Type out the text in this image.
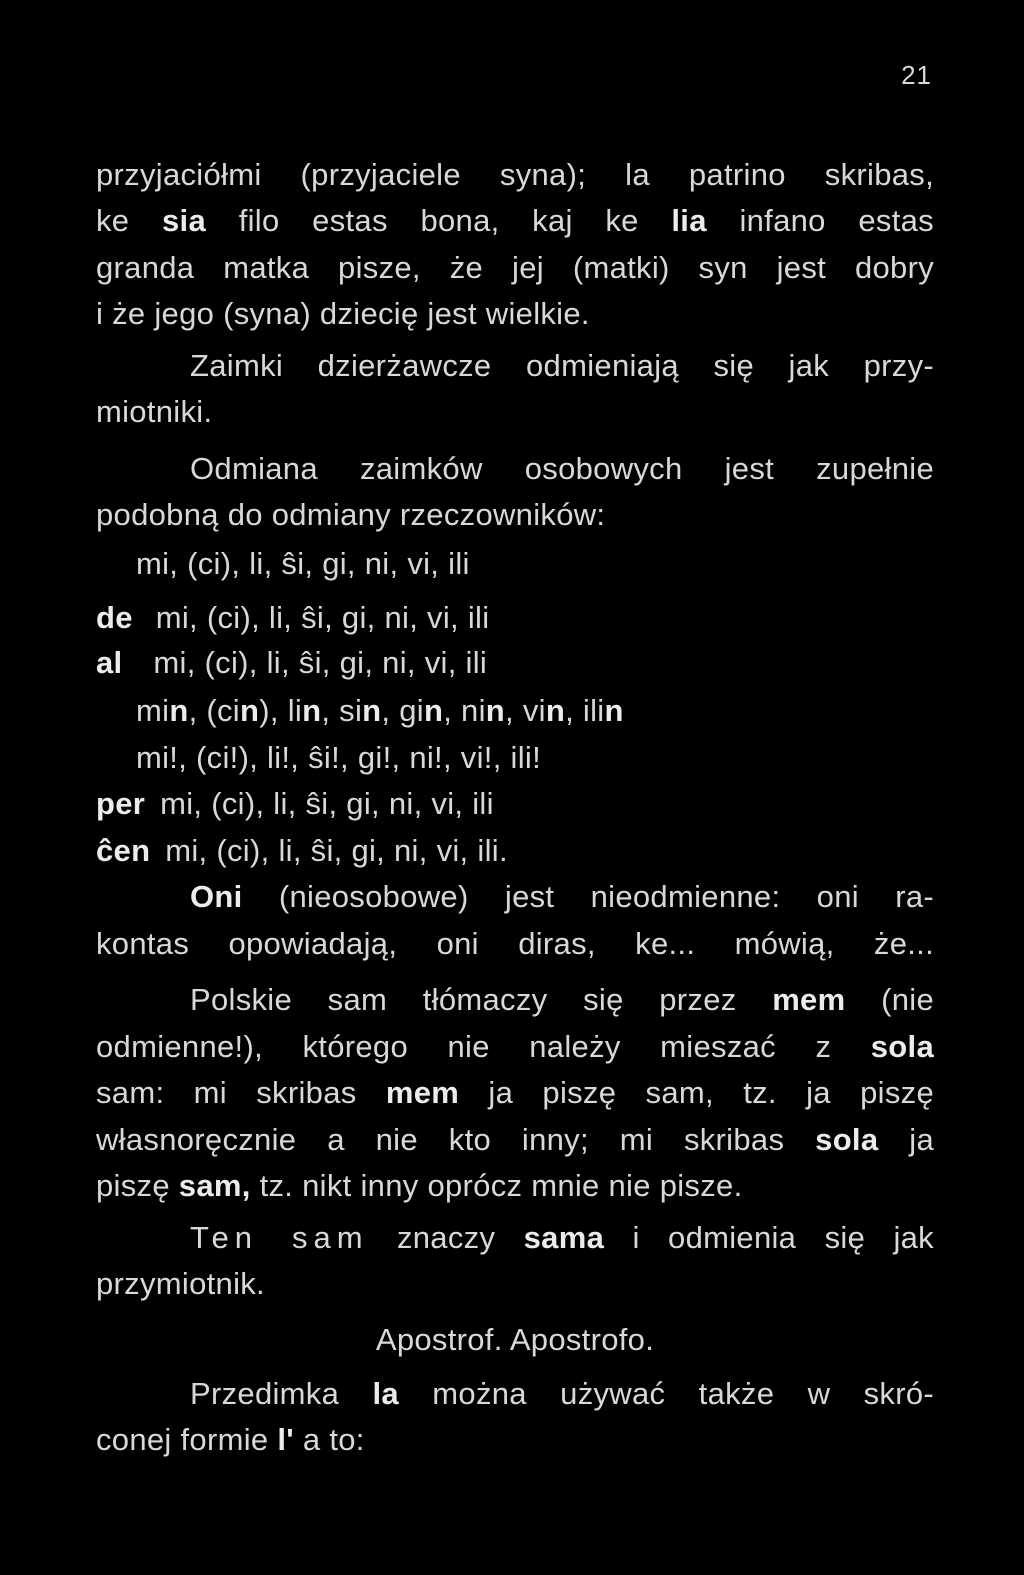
21
przyjaciółmi (przyjaciele syna); la patrino skribas,
ke sia filo estas bona, kaj ke lia infano estas
granda matka pisze, że jej (matki) syn jest dobry
i że jego (syna) dziecię jest wielkie.
Zaimki dzierżawcze odmieniają się jak przy-
miotniki.
Odmiana zaimków osobowych jest zupełnie
podobną do odmiany rzeczowników:
mi, (ci), li, ŝi, gi, ni, vi, ili
de mi, (ci), li, ŝi, gi, ni, vi, ili
al mi, (ci), li, ŝi, gi, ni, vi, ili
min, (cin), lin, sin, gin, nin, vin, ilin
mi!, (ci!), li!, ŝi!, gi!, ni!, vi!, ili!
per mi, (ci), li, ŝi, gi, ni, vi, ili
ĉen mi, (ci), li, ŝi, gi, ni, vi, ili.
Oni (nieosobowe) jest nieodmienne: oni ra-
kontas opowiadają, oni diras, ke... mówią, że...
Polskie sam tłómaczy się przez mem (nie
odmienne!), którego nie należy mieszać z sola
sam: mi skribas mem ja piszę sam, tz. ja piszę
własnoręcznie a nie kto inny; mi skribas sola ja
piszę sam, tz. nikt inny oprócz mnie nie pisze.
Ten sam znaczy sama i odmienia się jak
przymiotnik.
Apostrof. Apostrofo.
Przedimka la można używać także w skró-
conej formie l' a to:
